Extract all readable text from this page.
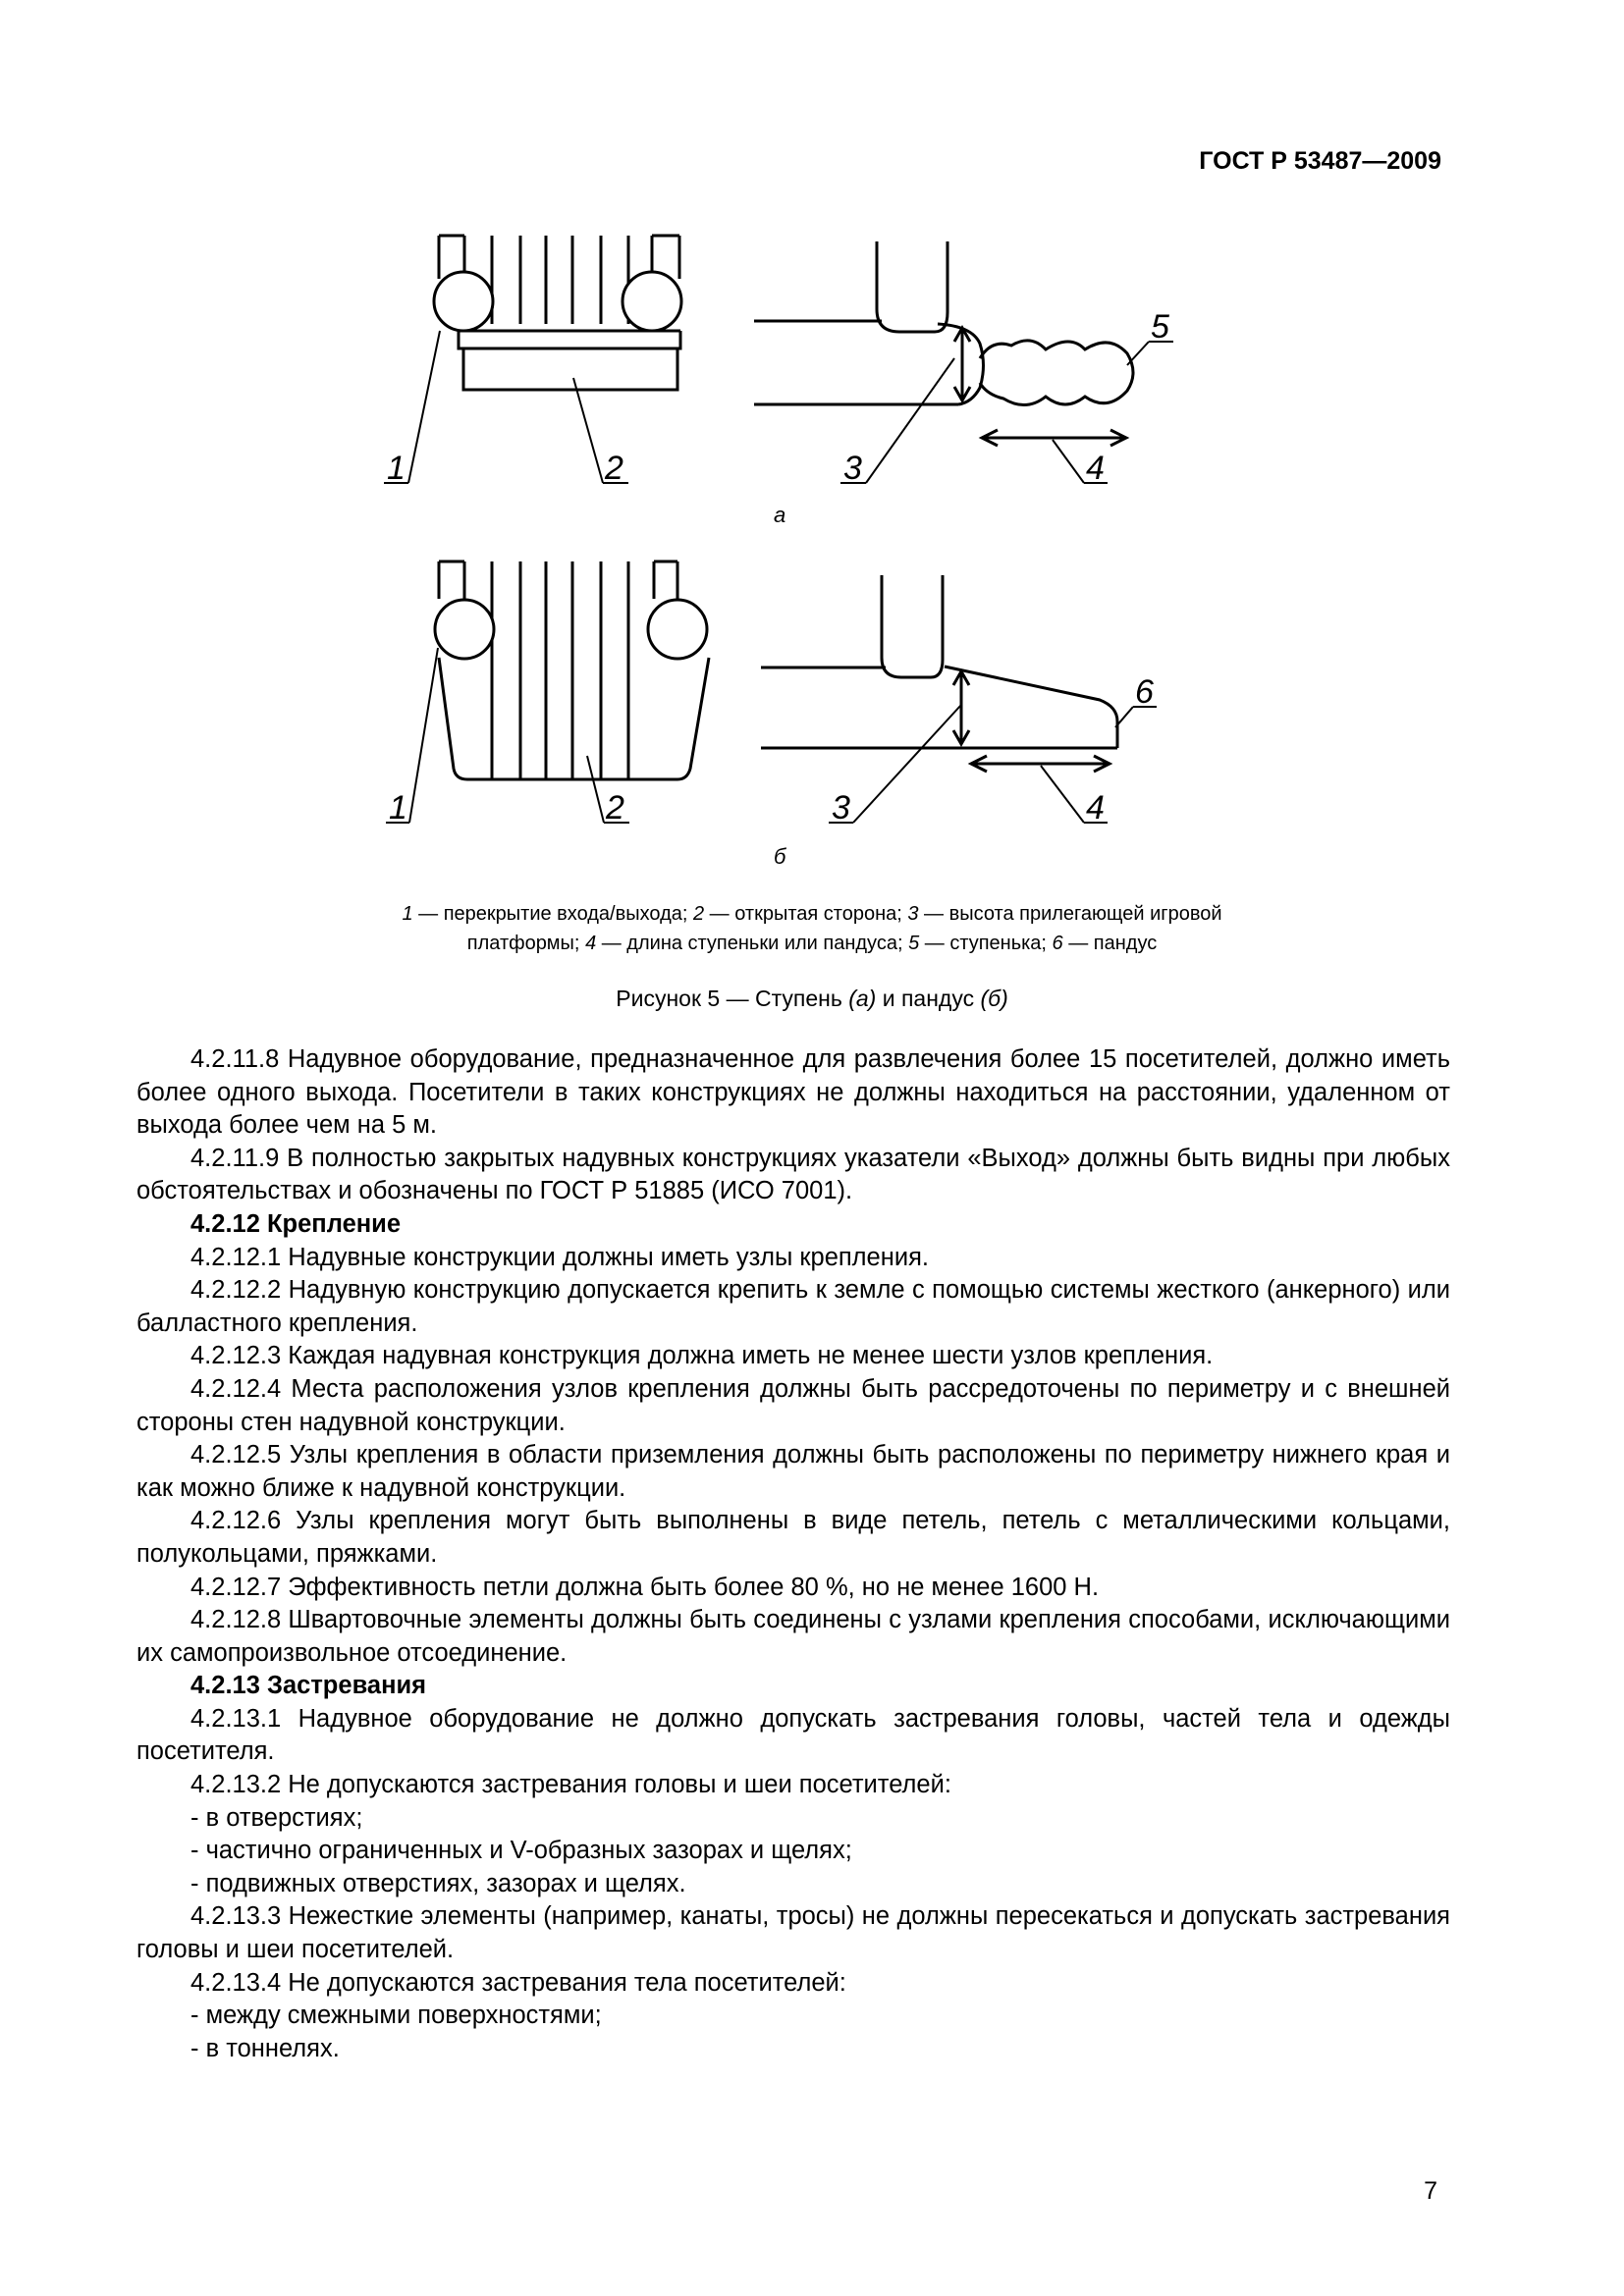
ГОСТ Р 53487—2009
1	2	3	4
5
1	2	3	4
6
а
б
1 — перекрытие входа/выхода; 2 — открытая сторона; 3 — высота прилегающей игровой
платформы; 4 — длина ступеньки или пандуса; 5 — ступенька; 6 — пандус
Рисунок 5 — Ступень (а) и пандус (б)

4.2.11.8 Надувное оборудование, предназначенное для развлечения более 15 посетителей, должно иметь более одного выхода. Посетители в таких конструкциях не должны находиться на расстоянии, удаленном от выхода более чем на 5 м.

4.2.11.9 В полностью закрытых надувных конструкциях указатели «Выход» должны быть видны при любых обстоятельствах и обозначены по ГОСТ Р 51885 (ИСО 7001).

4.2.12 Крепление

4.2.12.1 Надувные конструкции должны иметь узлы крепления.

4.2.12.2 Надувную конструкцию допускается крепить к земле с помощью системы жесткого (анкерного) или балластного крепления.

4.2.12.3 Каждая надувная конструкция должна иметь не менее шести узлов крепления.

4.2.12.4 Места расположения узлов крепления должны быть рассредоточены по периметру и с внешней стороны стен надувной конструкции.

4.2.12.5 Узлы крепления в области приземления должны быть расположены по периметру нижнего края и как можно ближе к надувной конструкции.

4.2.12.6 Узлы крепления могут быть выполнены в виде петель, петель с металлическими кольцами, полукольцами, пряжками.

4.2.12.7 Эффективность петли должна быть более 80 %, но не менее 1600 Н.

4.2.12.8 Швартовочные элементы должны быть соединены с узлами крепления способами, исключающими их самопроизвольное отсоединение.

4.2.13 Застревания

4.2.13.1 Надувное оборудование не должно допускать застревания головы, частей тела и одежды посетителя.

4.2.13.2 Не допускаются застревания головы и шеи посетителей:

- в отверстиях;

- частично ограниченных и V-образных зазорах и щелях;

- подвижных отверстиях, зазорах и щелях.

4.2.13.3 Нежесткие элементы (например, канаты, тросы) не должны пересекаться и допускать застревания головы и шеи посетителей.

4.2.13.4 Не допускаются застревания тела посетителей:

- между смежными поверхностями;

- в тоннелях.

7
